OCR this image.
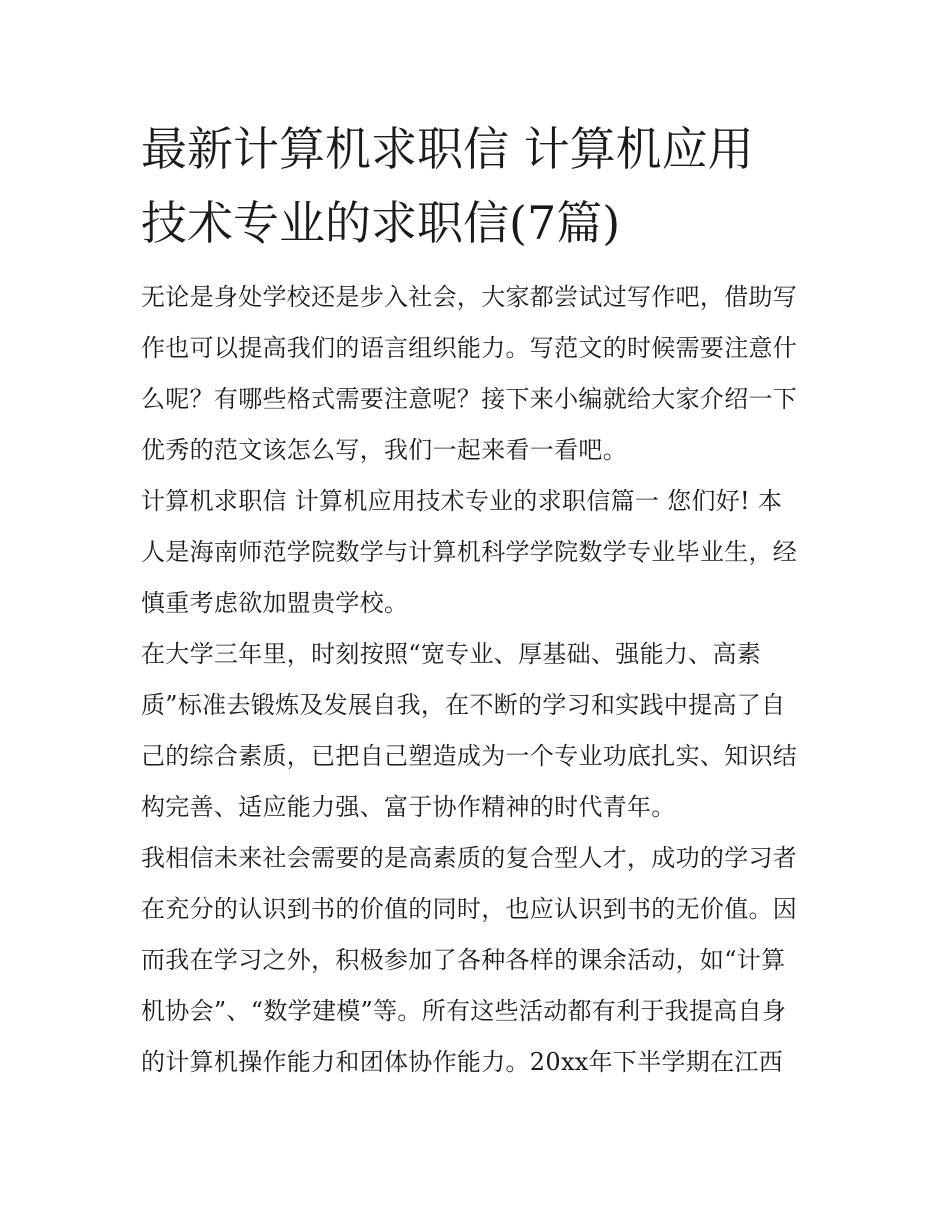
最新计算机求职信 计算机应用
技术专业的求职信(7篇)

无论是身处学校还是步入社会，大家都尝试过写作吧，借助写
作也可以提高我们的语言组织能力。写范文的时候需要注意什
么呢？有哪些格式需要注意呢？接下来小编就给大家介绍一下
优秀的范文该怎么写，我们一起来看一看吧。

计算机求职信 计算机应用技术专业的求职信篇一 您们好! 本
人是海南师范学院数学与计算机科学学院数学专业毕业生，经
慎重考虑欲加盟贵学校。

在大学三年里，时刻按照“宽专业、厚基础、强能力、高素
质”标准去锻炼及发展自我，在不断的学习和实践中提高了自
己的综合素质，已把自己塑造成为一个专业功底扎实、知识结
构完善、适应能力强、富于协作精神的时代青年。

我相信未来社会需要的是高素质的复合型人才，成功的学习者
在充分的认识到书的价值的同时，也应认识到书的无价值。因
而我在学习之外，积极参加了各种各样的课余活动，如“计算
机协会”、“数学建模”等。所有这些活动都有利于我提高自身
的计算机操作能力和团体协作能力。20xx年下半学期在江西
